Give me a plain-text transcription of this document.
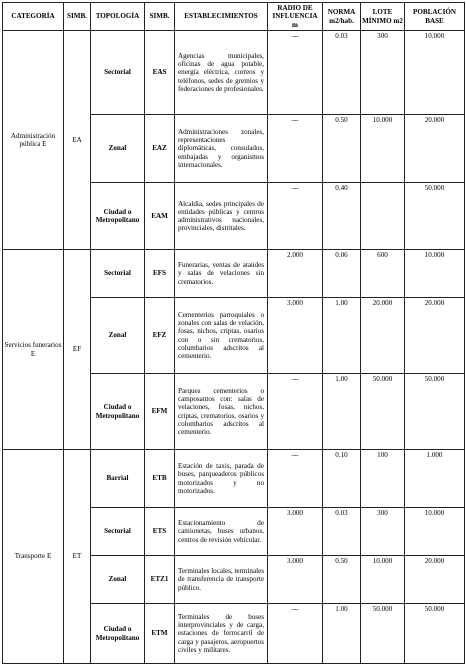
CATEGORÍA	SIMB.	TOPOLOGÍA	SIMB.	ESTABLECIMIENTOS	RADIO DE INFLUENCIA m	NORMA m2/hab.	LOTE MÍNIMO m2	POBLACIÓN BASE
Administración pública E	EA	Sectorial	EAS	Agencias municipales, oficinas de agua potable, energía eléctrica, correos y teléfonos, sedes de gremios y federaciones de profesionales.	---	0.03	300	10.000
		Zonal	EAZ	Administraciones zonales, representaciones diplomáticas, consulados, embajadas y organismos internacionales.	---	0.50	10.000	20.000
		Ciudad o Metropolitano	EAM	Alcaldía, sedes principales de entidades públicas y centros administrativos nacionales, provinciales, distritales.	---	0.40		50.000
Servicios funerarios E	EF	Sectorial	EFS	Funerarias, ventas de ataúdes y salas de velaciones sin crematorios.	2.000	0.06	600	10.000
		Zonal	EFZ	Cementerios parroquiales o zonales con salas de velación, fosas, nichos, criptas, osarios con o sin crematorios, columbarios adscritos al cementerio.	3.000	1.00	20.000	20.000
		Ciudad o Metropolitano	EFM	Parques cementerios o camposantos con: salas de velaciones, fosas, nichos, criptas, crematorios, osarios y columbarios adscritos al cementerio.	---	1.00	50.000	50.000
Transporte E	ET	Barrial	ETB	Estación de taxis, parada de buses, parqueaderos públicos motorizados y no motorizados.	---	0.10	100	1.000
		Sectorial	ETS	Estacionamiento de camionetas, buses urbanos, centros de revisión vehicular.	3.000	0.03	300	10.000
		Zonal	ETZ1	Terminales locales, terminales de transferencia de transporte público.	3.000	0.50	10.000	20.000
		Ciudad o Metropolitano	ETM	Terminales de buses interprovinciales y de carga, estaciones de ferrocarril de carga y pasajeros, aeropuertos civiles y militares.	---	1.00	50.000	50.000
